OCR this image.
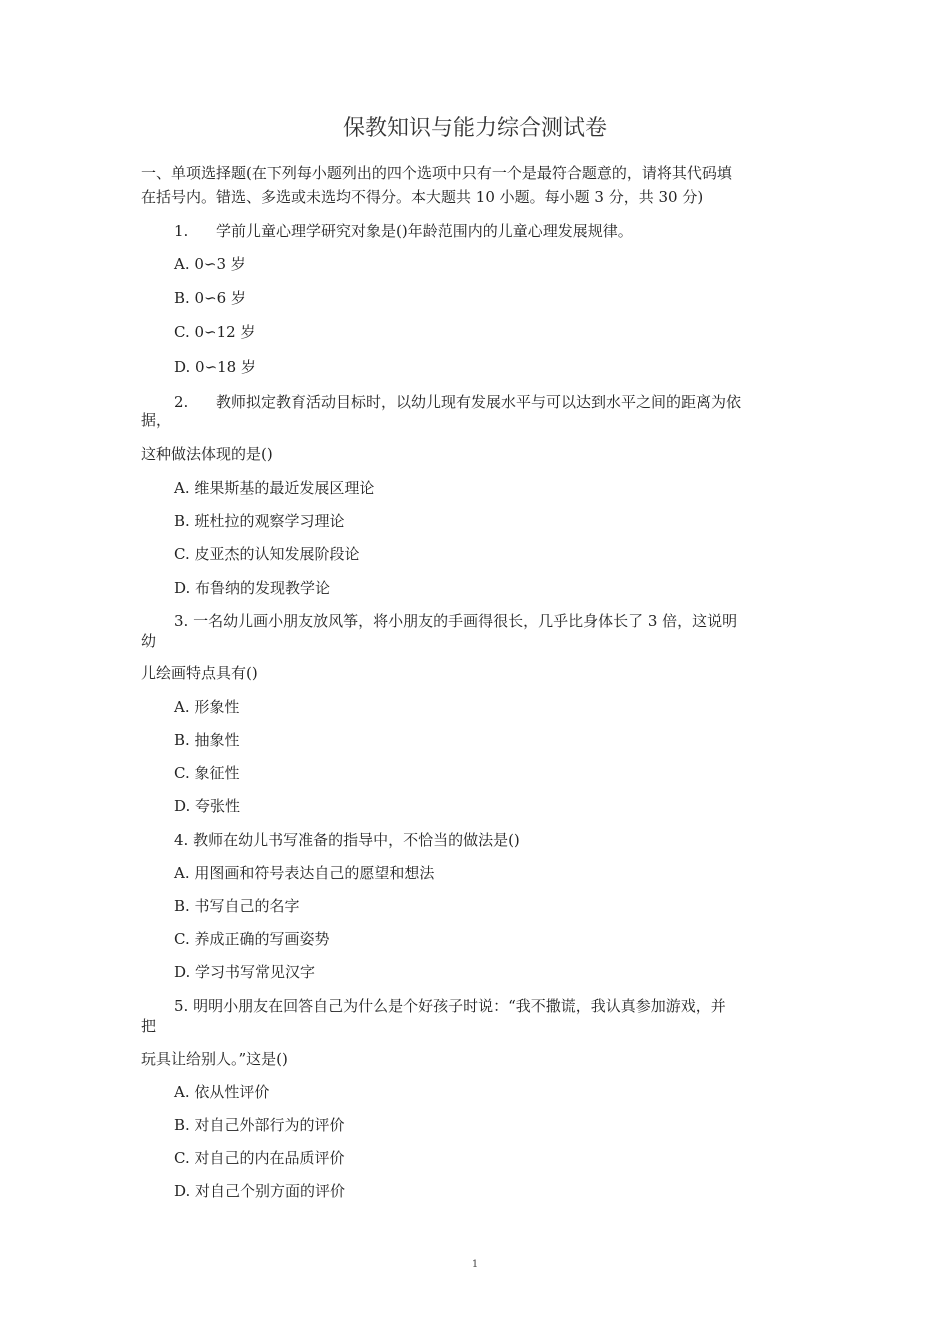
保教知识与能力综合测试卷
一、单项选择题(在下列每小题列出的四个选项中只有一个是最符合题意的，请将其代码填
在括号内。错选、多选或未选均不得分。本大题共 10 小题。每小题 3 分，共 30 分)
1. 学前儿童心理学研究对象是()年龄范围内的儿童心理发展规律。
A. 0∽3 岁
B. 0∽6 岁
C. 0∽12 岁
D. 0∽18 岁
2. 教师拟定教育活动目标时，以幼儿现有发展水平与可以达到水平之间的距离为依
据，
这种做法体现的是()
A. 维果斯基的最近发展区理论
B. 班杜拉的观察学习理论
C. 皮亚杰的认知发展阶段论
D. 布鲁纳的发现教学论
3. 一名幼儿画小朋友放风筝，将小朋友的手画得很长，几乎比身体长了 3 倍，这说明
幼
儿绘画特点具有()
A. 形象性
B. 抽象性
C. 象征性
D. 夸张性
4. 教师在幼儿书写准备的指导中，不恰当的做法是()
A. 用图画和符号表达自己的愿望和想法
B. 书写自己的名字
C. 养成正确的写画姿势
D. 学习书写常见汉字
5. 明明小朋友在回答自己为什么是个好孩子时说：“我不撒谎，我认真参加游戏，并
把
玩具让给别人。”这是()
A. 依从性评价
B. 对自己外部行为的评价
C. 对自己的内在品质评价
D. 对自己个别方面的评价
1
